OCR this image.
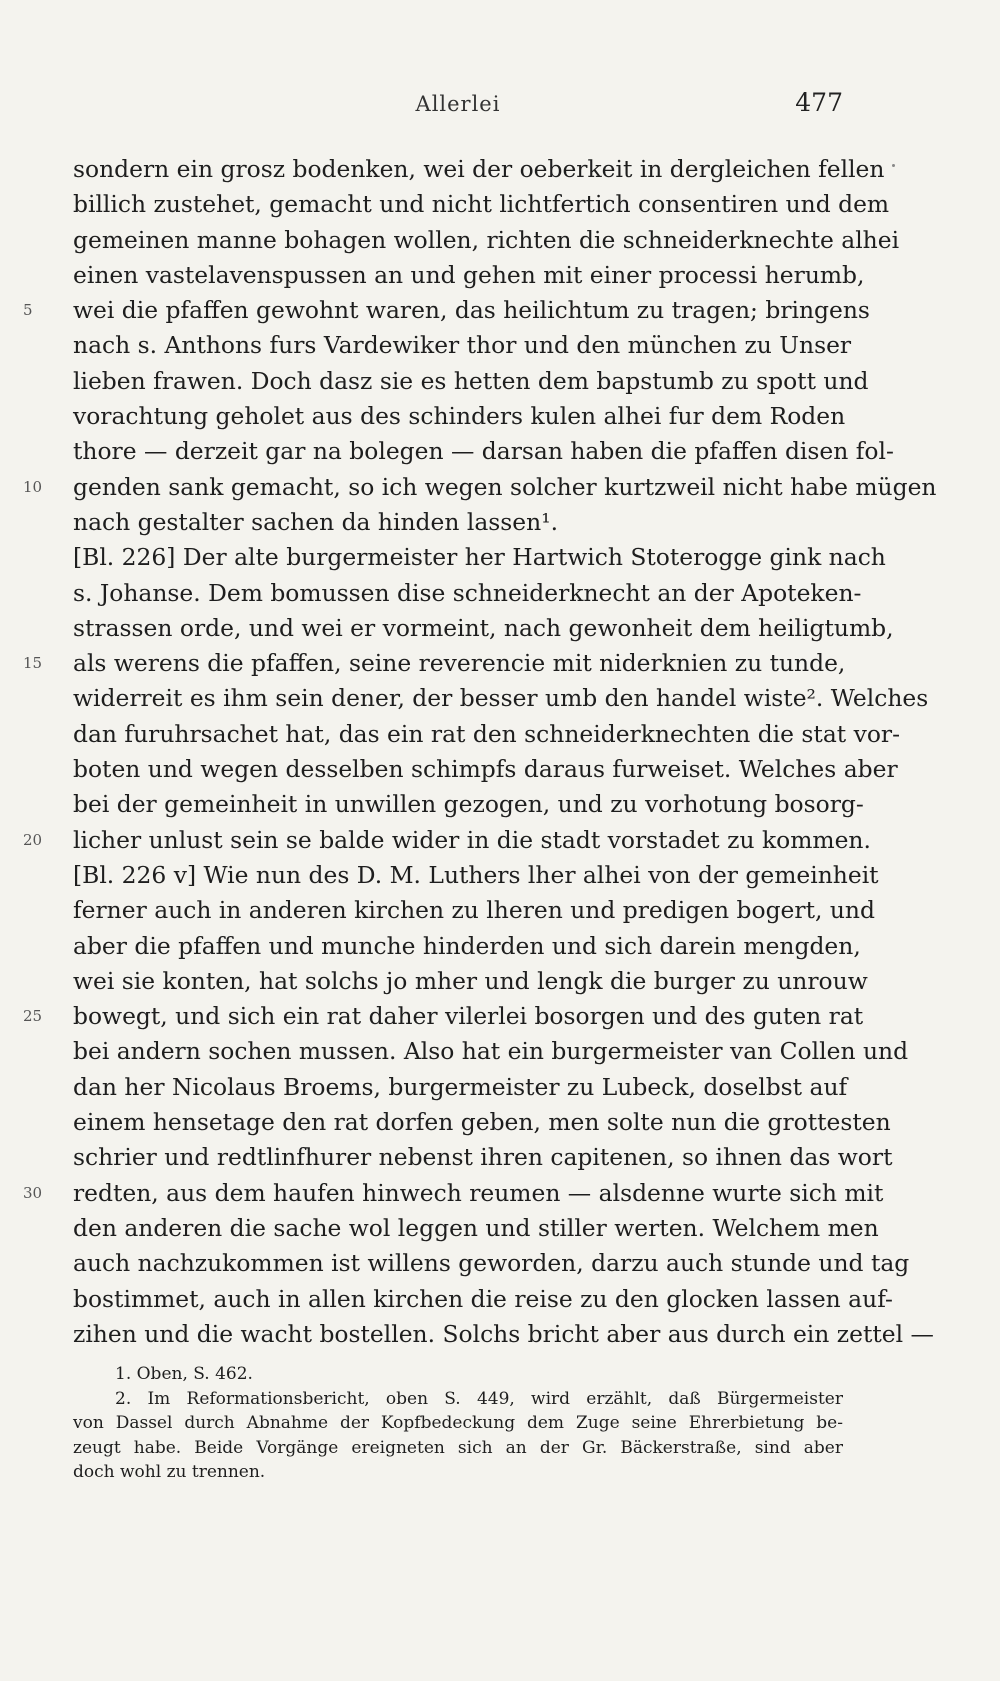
Allerlei	477
sondern ein grosz bodenken, wei der oeberkeit in dergleichen fellen
billich zustehet, gemacht und nicht lichtfertich consentiren und dem
gemeinen manne bohagen wollen, richten die schneiderknechte alhei
einen vastelavenspussen an und gehen mit einer processi herumb,
5	wei die pfaffen gewohnt waren, das heilichtum zu tragen; bringens
nach s. Anthons furs Vardewiker thor und den münchen zu Unser
lieben frawen. Doch dasz sie es hetten dem bapstumb zu spott und
vorachtung geholet aus des schinders kulen alhei fur dem Roden
thore — derzeit gar na bolegen — darsan haben die pfaffen disen fol-
10	genden sank gemacht, so ich wegen solcher kurtzweil nicht habe mügen
nach gestalter sachen da hinden lassen¹.
[Bl. 226] Der alte burgermeister her Hartwich Stoterogge gink nach
s. Johanse. Dem bomussen dise schneiderknecht an der Apoteken-
strassen orde, und wei er vormeint, nach gewonheit dem heiligtumb,
15	als werens die pfaffen, seine reverencie mit niderknien zu tunde,
widerreit es ihm sein dener, der besser umb den handel wiste². Welches
dan furuhrsachet hat, das ein rat den schneiderknechten die stat vor-
boten und wegen desselben schimpfs daraus furweiset. Welches aber
bei der gemeinheit in unwillen gezogen, und zu vorhotung bosorg-
20	licher unlust sein se balde wider in die stadt vorstadet zu kommen.
[Bl. 226 v] Wie nun des D. M. Luthers lher alhei von der gemeinheit
ferner auch in anderen kirchen zu lheren und predigen bogert, und
aber die pfaffen und munche hinderden und sich darein mengden,
wei sie konten, hat solchs jo mher und lengk die burger zu unrouw
25	bowegt, und sich ein rat daher vilerlei bosorgen und des guten rat
bei andern sochen mussen. Also hat ein burgermeister van Collen und
dan her Nicolaus Broems, burgermeister zu Lubeck, doselbst auf
einem hensetage den rat dorfen geben, men solte nun die grottesten
schrier und redtlinfhurer nebenst ihren capitenen, so ihnen das wort
30	redten, aus dem haufen hinwech reumen — alsdenne wurte sich mit
den anderen die sache wol leggen und stiller werten. Welchem men
auch nachzukommen ist willens geworden, darzu auch stunde und tag
bostimmet, auch in allen kirchen die reise zu den glocken lassen auf-
zihen und die wacht bostellen. Solchs bricht aber aus durch ein zettel —
1. Oben, S. 462.
2. Im Reformationsbericht, oben S. 449, wird erzählt, daß Bürgermeister
von Dassel durch Abnahme der Kopfbedeckung dem Zuge seine Ehrerbietung be-
zeugt habe. Beide Vorgänge ereigneten sich an der Gr. Bäckerstraße, sind aber
doch wohl zu trennen.
